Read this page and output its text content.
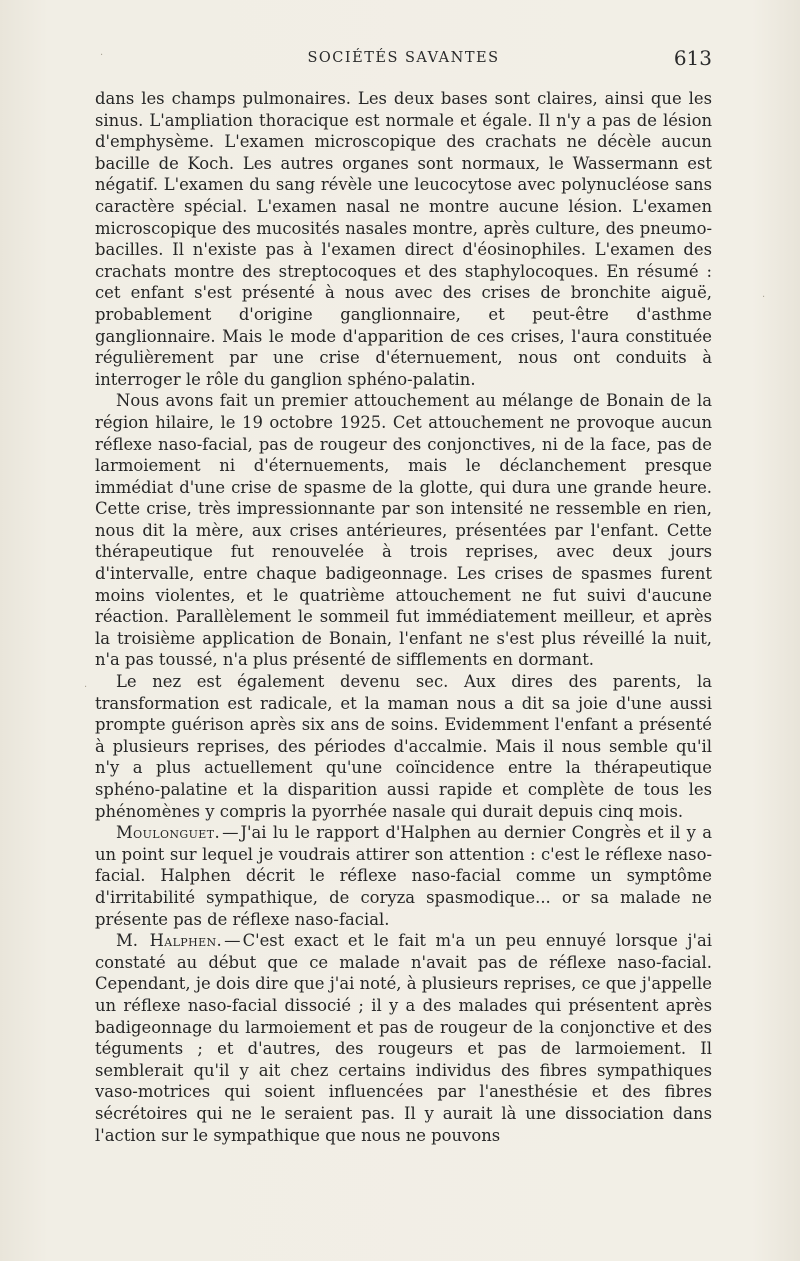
·
·
·
SOCIÉTÉS SAVANTES	613

dans les champs pulmonaires. Les deux bases sont claires, ainsi que les sinus. L'ampliation thoracique est normale et égale. Il n'y a pas de lésion d'emphysème. L'examen microscopique des crachats ne décèle aucun bacille de Koch. Les autres organes sont normaux, le Wassermann est négatif. L'examen du sang révèle une leucocytose avec polynucléose sans caractère spécial. L'examen nasal ne montre aucune lésion. L'examen microscopique des mucosités nasales montre, après culture, des pneumo-bacilles. Il n'existe pas à l'examen direct d'éosinophiles. L'examen des crachats montre des streptocoques et des staphylocoques. En résumé : cet enfant s'est présenté à nous avec des crises de bronchite aiguë, probablement d'origine ganglionnaire, et peut-être d'asthme ganglionnaire. Mais le mode d'apparition de ces crises, l'aura constituée régulièrement par une crise d'éternuement, nous ont conduits à interroger le rôle du ganglion sphéno-palatin.

Nous avons fait un premier attouchement au mélange de Bonain de la région hilaire, le 19 octobre 1925. Cet attouchement ne provoque aucun réflexe naso-facial, pas de rougeur des conjonctives, ni de la face, pas de larmoiement ni d'éternuements, mais le déclanchement presque immédiat d'une crise de spasme de la glotte, qui dura une grande heure. Cette crise, très impressionnante par son intensité ne ressemble en rien, nous dit la mère, aux crises antérieures, présentées par l'enfant. Cette thérapeutique fut renouvelée à trois reprises, avec deux jours d'intervalle, entre chaque badigeonnage. Les crises de spasmes furent moins violentes, et le quatrième attouchement ne fut suivi d'aucune réaction. Parallèlement le sommeil fut immédiatement meilleur, et après la troisième application de Bonain, l'enfant ne s'est plus réveillé la nuit, n'a pas toussé, n'a plus présenté de sifflements en dormant.

Le nez est également devenu sec. Aux dires des parents, la transformation est radicale, et la maman nous a dit sa joie d'une aussi prompte guérison après six ans de soins. Evidemment l'enfant a présenté à plusieurs reprises, des périodes d'accalmie. Mais il nous semble qu'il n'y a plus actuellement qu'une coïncidence entre la thérapeutique sphéno-palatine et la disparition aussi rapide et complète de tous les phénomènes y compris la pyorrhée nasale qui durait depuis cinq mois.

Moulonguet. — J'ai lu le rapport d'Halphen au dernier Congrès et il y a un point sur lequel je voudrais attirer son attention : c'est le réflexe naso-facial. Halphen décrit le réflexe naso-facial comme un symptôme d'irritabilité sympathique, de coryza spasmodique... or sa malade ne présente pas de réflexe naso-facial.

M. Halphen. — C'est exact et le fait m'a un peu ennuyé lorsque j'ai constaté au début que ce malade n'avait pas de réflexe naso-facial. Cependant, je dois dire que j'ai noté, à plusieurs reprises, ce que j'appelle un réflexe naso-facial dissocié ; il y a des malades qui présentent après badigeonnage du larmoiement et pas de rougeur de la conjonctive et des téguments ; et d'autres, des rougeurs et pas de larmoiement. Il semblerait qu'il y ait chez certains individus des fibres sympathiques vaso-motrices qui soient influencées par l'anesthésie et des fibres sécrétoires qui ne le seraient pas. Il y aurait là une dissociation dans l'action sur le sympathique que nous ne pouvons
